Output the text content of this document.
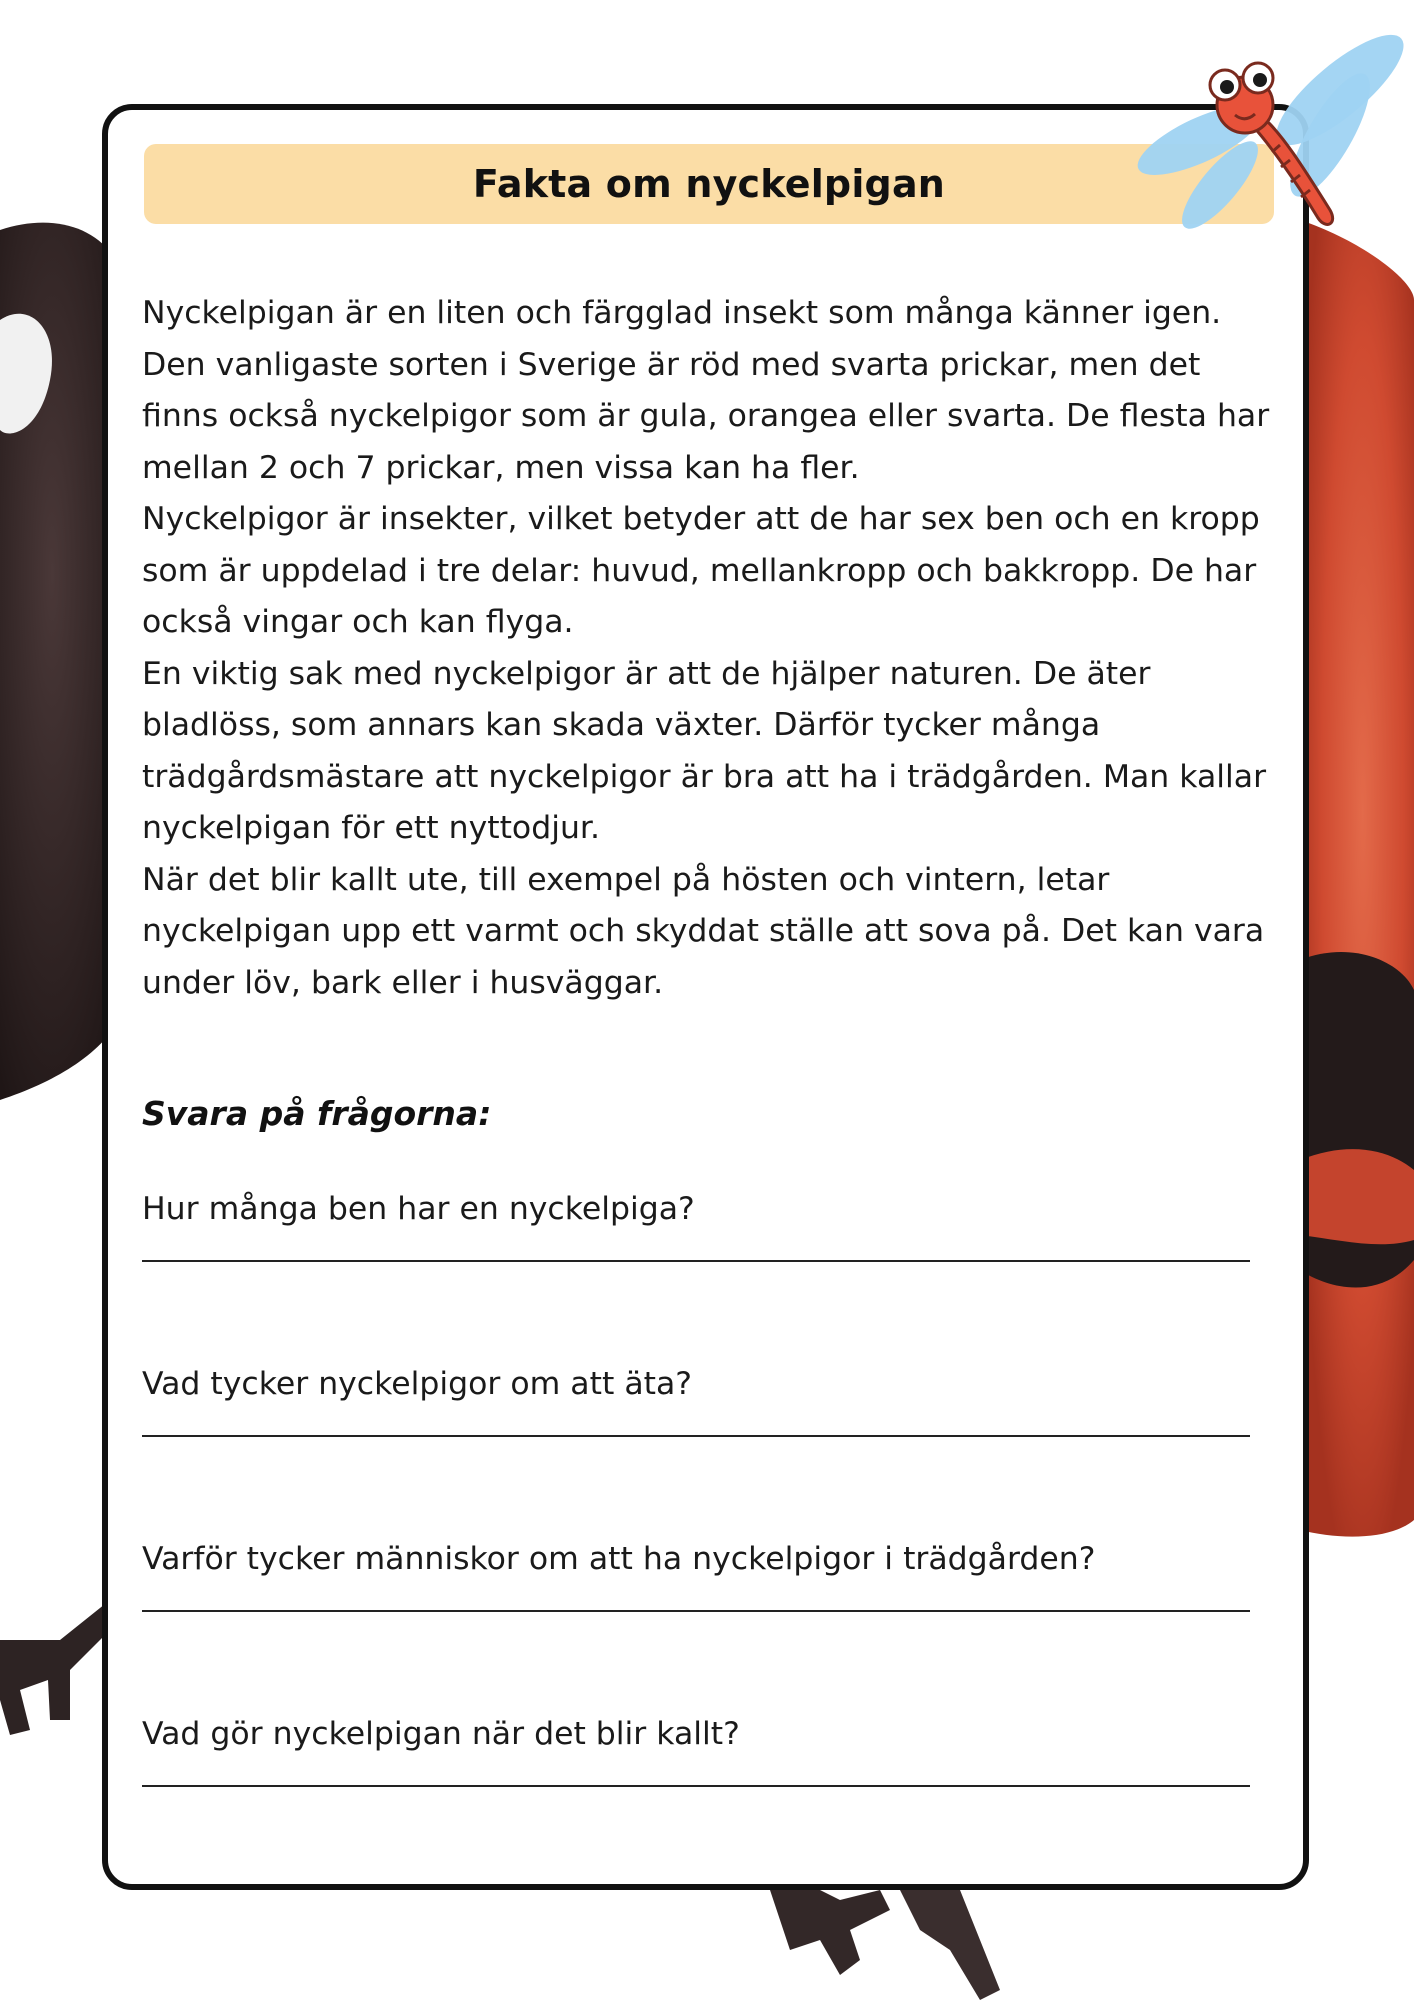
Fakta om nyckelpigan

Nyckelpigan är en liten och färgglad insekt som många känner igen. Den vanligaste sorten i Sverige är röd med svarta prickar, men det finns också nyckelpigor som är gula, orangea eller svarta. De flesta har mellan 2 och 7 prickar, men vissa kan ha fler.

Nyckelpigor är insekter, vilket betyder att de har sex ben och en kropp som är uppdelad i tre delar: huvud, mellankropp och bakkropp. De har också vingar och kan flyga.

En viktig sak med nyckelpigor är att de hjälper naturen. De äter bladlöss, som annars kan skada växter. Därför tycker många trädgårdsmästare att nyckelpigor är bra att ha i trädgården. Man kallar nyckelpigan för ett nyttodjur.

När det blir kallt ute, till exempel på hösten och vintern, letar nyckelpigan upp ett varmt och skyddat ställe att sova på. Det kan vara under löv, bark eller i husväggar.

Svara på frågorna:
Hur många ben har en nyckelpiga?
Vad tycker nyckelpigor om att äta?
Varför tycker människor om att ha nyckelpigor i trädgården?
Vad gör nyckelpigan när det blir kallt?
